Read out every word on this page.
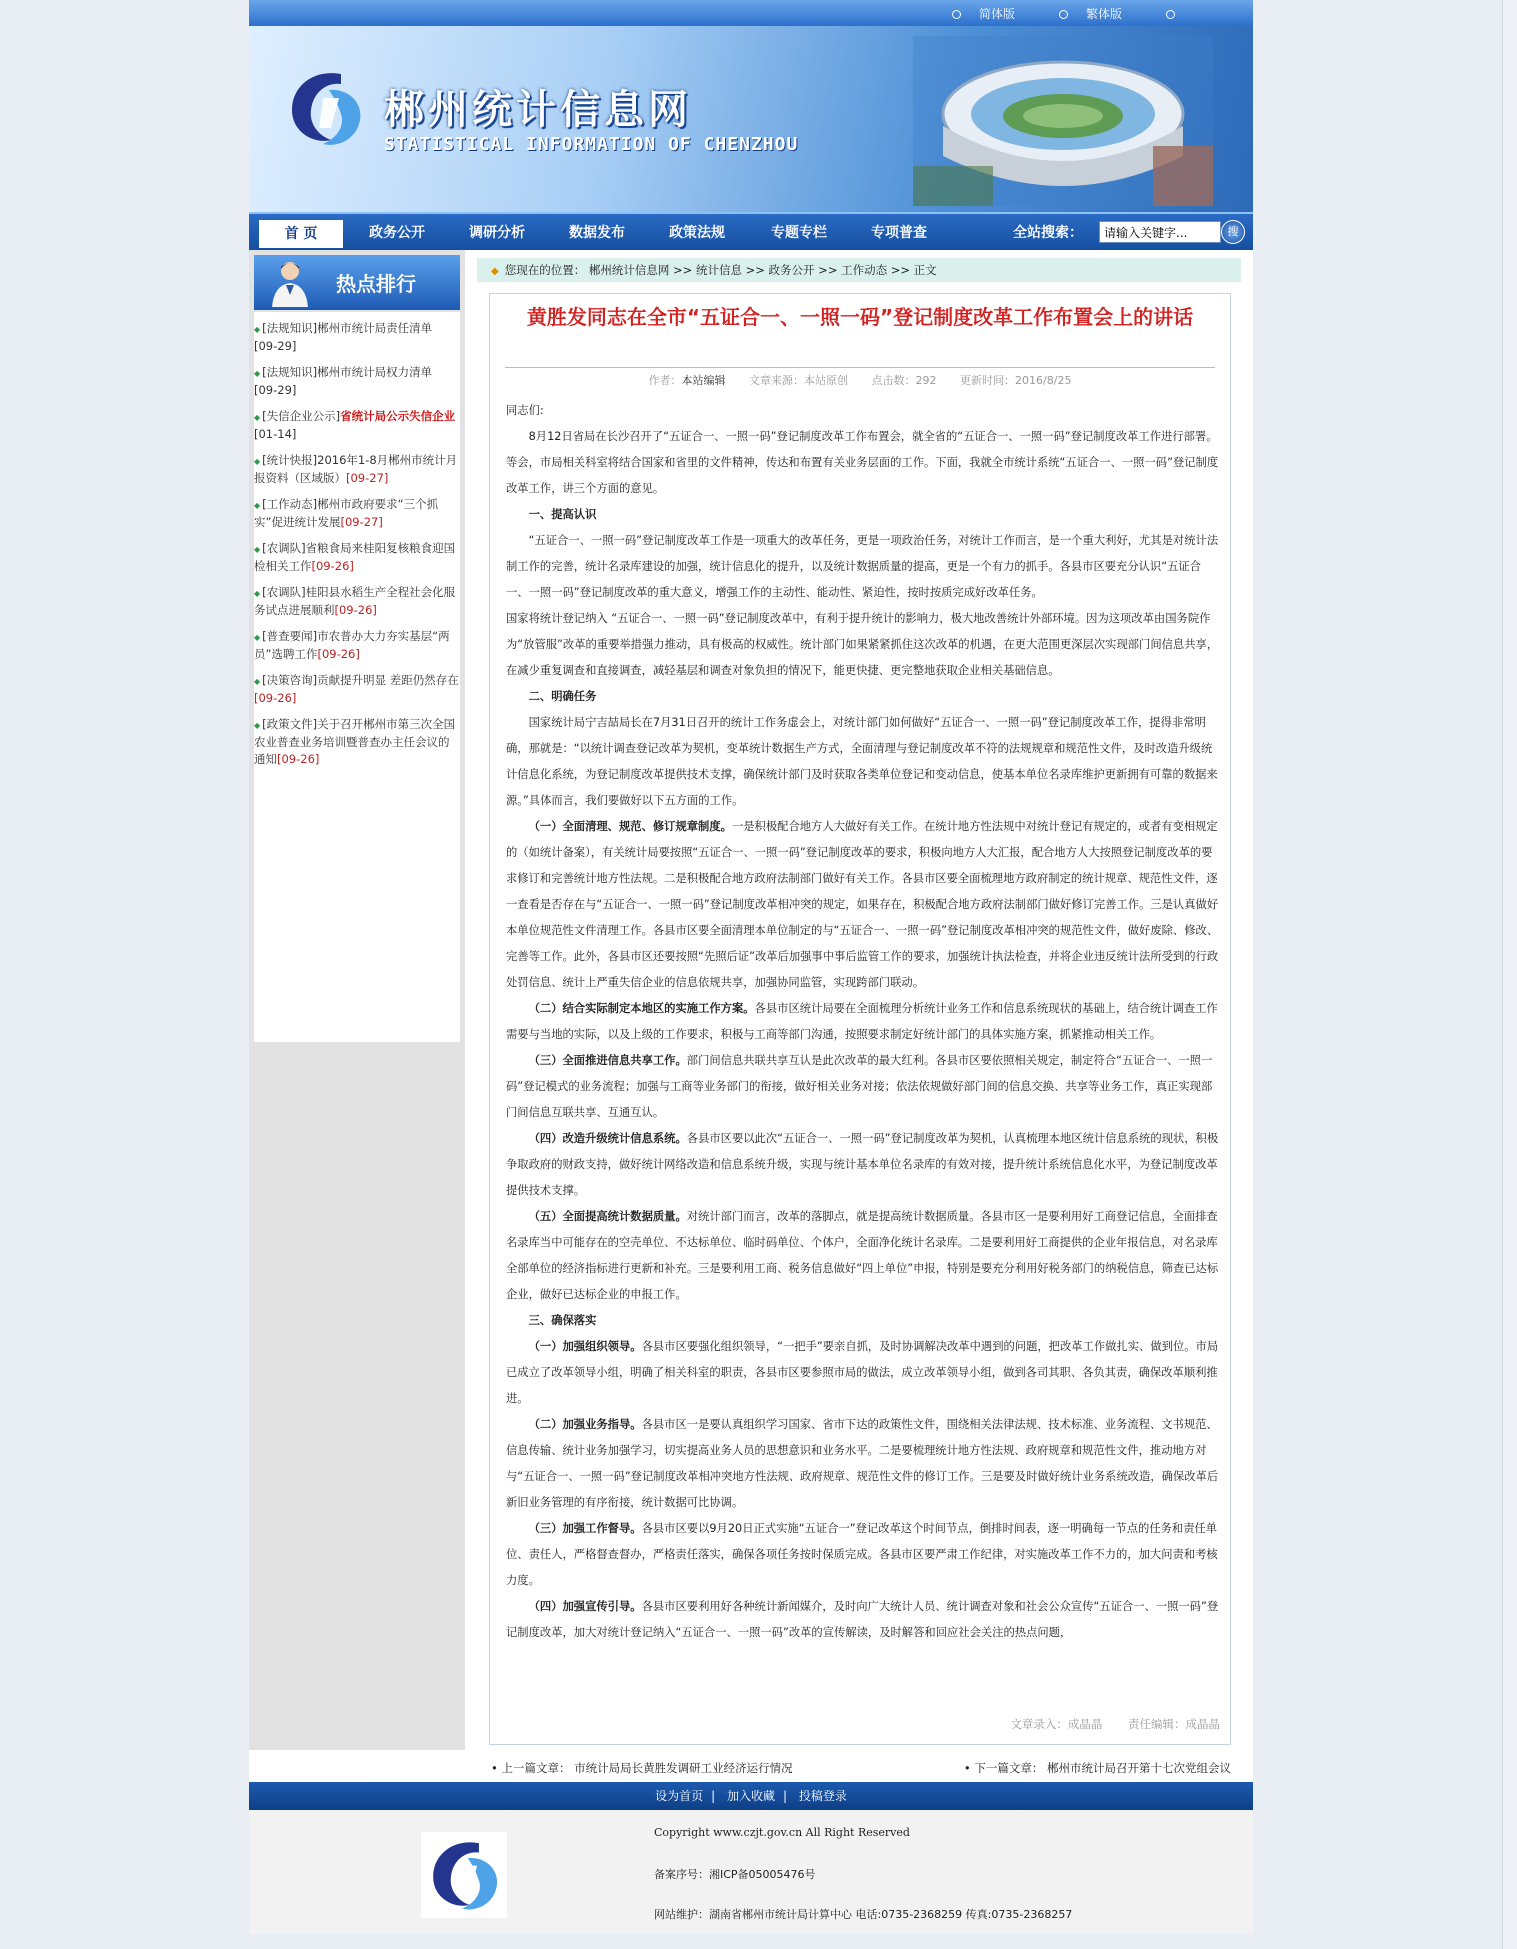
简体版	繁体版
郴州统计信息网
STATISTICAL INFORMATION OF CHENZHOU
首 页	政务公开	调研分析	数据发布	政策法规	专题专栏	专项普查	全站搜索：
请输入关键字...	搜
热点排行
◆ [法规知识]郴州市统计局责任清单
[09-29]
◆ [法规知识]郴州市统计局权力清单
[09-29]
◆ [失信企业公示]省统计局公示失信企业[01-14]
◆ [统计快报]2016年1-8月郴州市统计月报资料（区域版）[09-27]
◆ [工作动态]郴州市政府要求“三个抓实”促进统计发展[09-27]
◆ [农调队]省粮食局来桂阳复核粮食迎国检相关工作[09-26]
◆ [农调队]桂阳县水稻生产全程社会化服务试点进展顺利[09-26]
◆ [普查要闻]市农普办大力夯实基层“两员”选聘工作[09-26]
◆ [决策咨询]贡献提升明显 差距仍然存在[09-26]
◆ [政策文件]关于召开郴州市第三次全国农业普查业务培训暨普查办主任会议的通知[09-26]
◆ 您现在的位置： 郴州统计信息网 >> 统计信息 >> 政务公开 >> 工作动态 >> 正文
黄胜发同志在全市“五证合一、一照一码”登记制度改革工作布置会上的讲话
作者：本站编辑 文章来源：本站原创 点击数：292 更新时间：2016/8/25

同志们:

8月12日省局在长沙召开了“五证合一、一照一码”登记制度改革工作布置会，就全省的“五证合一、一照一码”登记制度改革工作进行部署。等会，市局相关科室将结合国家和省里的文件精神，传达和布置有关业务层面的工作。下面，我就全市统计系统“五证合一、一照一码”登记制度改革工作，讲三个方面的意见。

一、提高认识

“五证合一、一照一码”登记制度改革工作是一项重大的改革任务，更是一项政治任务，对统计工作而言，是一个重大利好，尤其是对统计法制工作的完善，统计名录库建设的加强，统计信息化的提升，以及统计数据质量的提高，更是一个有力的抓手。各县市区要充分认识“五证合一、一照一码”登记制度改革的重大意义，增强工作的主动性、能动性、紧迫性，按时按质完成好改革任务。

国家将统计登记纳入 “五证合一、一照一码”登记制度改革中，有利于提升统计的影响力，极大地改善统计外部环境。因为这项改革由国务院作为“放管服”改革的重要举措强力推动，具有极高的权威性。统计部门如果紧紧抓住这次改革的机遇，在更大范围更深层次实现部门间信息共享，在减少重复调查和直接调查，减轻基层和调查对象负担的情况下，能更快捷、更完整地获取企业相关基础信息。

二、明确任务

国家统计局宁吉喆局长在7月31日召开的统计工作务虚会上，对统计部门如何做好“五证合一、一照一码”登记制度改革工作，提得非常明确，那就是：“以统计调查登记改革为契机，变革统计数据生产方式，全面清理与登记制度改革不符的法规规章和规范性文件，及时改造升级统计信息化系统，为登记制度改革提供技术支撑，确保统计部门及时获取各类单位登记和变动信息，使基本单位名录库维护更新拥有可靠的数据来源。”具体而言，我们要做好以下五方面的工作。

（一）全面清理、规范、修订规章制度。一是积极配合地方人大做好有关工作。在统计地方性法规中对统计登记有规定的，或者有变相规定的（如统计备案），有关统计局要按照“五证合一、一照一码”登记制度改革的要求，积极向地方人大汇报，配合地方人大按照登记制度改革的要求修订和完善统计地方性法规。二是积极配合地方政府法制部门做好有关工作。各县市区要全面梳理地方政府制定的统计规章、规范性文件，逐一查看是否存在与“五证合一、一照一码”登记制度改革相冲突的规定，如果存在，积极配合地方政府法制部门做好修订完善工作。三是认真做好本单位规范性文件清理工作。各县市区要全面清理本单位制定的与“五证合一、一照一码”登记制度改革相冲突的规范性文件，做好废除、修改、完善等工作。此外，各县市区还要按照“先照后证”改革后加强事中事后监管工作的要求，加强统计执法检查，并将企业违反统计法所受到的行政处罚信息、统计上严重失信企业的信息依规共享，加强协同监管，实现跨部门联动。

（二）结合实际制定本地区的实施工作方案。各县市区统计局要在全面梳理分析统计业务工作和信息系统现状的基础上，结合统计调查工作需要与当地的实际，以及上级的工作要求，积极与工商等部门沟通，按照要求制定好统计部门的具体实施方案，抓紧推动相关工作。

（三）全面推进信息共享工作。部门间信息共联共享互认是此次改革的最大红利。各县市区要依照相关规定，制定符合“五证合一、一照一码”登记模式的业务流程；加强与工商等业务部门的衔接，做好相关业务对接；依法依规做好部门间的信息交换、共享等业务工作，真正实现部门间信息互联共享、互通互认。

（四）改造升级统计信息系统。各县市区要以此次“五证合一、一照一码”登记制度改革为契机，认真梳理本地区统计信息系统的现状，积极争取政府的财政支持，做好统计网络改造和信息系统升级，实现与统计基本单位名录库的有效对接，提升统计系统信息化水平，为登记制度改革提供技术支撑。

（五）全面提高统计数据质量。对统计部门而言，改革的落脚点，就是提高统计数据质量。各县市区一是要利用好工商登记信息，全面排查名录库当中可能存在的空壳单位、不达标单位、临时码单位、个体户，全面净化统计名录库。二是要利用好工商提供的企业年报信息，对名录库全部单位的经济指标进行更新和补充。三是要利用工商、税务信息做好“四上单位”申报，特别是要充分利用好税务部门的纳税信息，筛查已达标企业，做好已达标企业的申报工作。

三、确保落实

（一）加强组织领导。各县市区要强化组织领导，“一把手”要亲自抓，及时协调解决改革中遇到的问题，把改革工作做扎实、做到位。市局已成立了改革领导小组，明确了相关科室的职责，各县市区要参照市局的做法，成立改革领导小组，做到各司其职、各负其责，确保改革顺利推进。

（二）加强业务指导。各县市区一是要认真组织学习国家、省市下达的政策性文件，围绕相关法律法规、技术标准、业务流程、文书规范、信息传输、统计业务加强学习，切实提高业务人员的思想意识和业务水平。二是要梳理统计地方性法规、政府规章和规范性文件，推动地方对与“五证合一、一照一码”登记制度改革相冲突地方性法规、政府规章、规范性文件的修订工作。三是要及时做好统计业务系统改造，确保改革后新旧业务管理的有序衔接，统计数据可比协调。

（三）加强工作督导。各县市区要以9月20日正式实施“五证合一”登记改革这个时间节点，倒排时间表，逐一明确每一节点的任务和责任单位、责任人，严格督查督办，严格责任落实，确保各项任务按时保质完成。各县市区要严肃工作纪律，对实施改革工作不力的，加大问责和考核力度。

（四）加强宣传引导。各县市区要利用好各种统计新闻媒介，及时向广大统计人员、统计调查对象和社会公众宣传“五证合一、一照一码”登记制度改革，加大对统计登记纳入“五证合一、一照一码”改革的宣传解读，及时解答和回应社会关注的热点问题，

文章录入：成晶晶 责任编辑：成晶晶
• 上一篇文章： 市统计局局长黄胜发调研工业经济运行情况	• 下一篇文章： 郴州市统计局召开第十七次党组会议
设为首页 | 加入收藏 | 投稿登录
Copyright www.czjt.gov.cn All Right Reserved
备案序号：湘ICP备05005476号
网站维护：湖南省郴州市统计局计算中心 电话:0735-2368259 传真:0735-2368257
